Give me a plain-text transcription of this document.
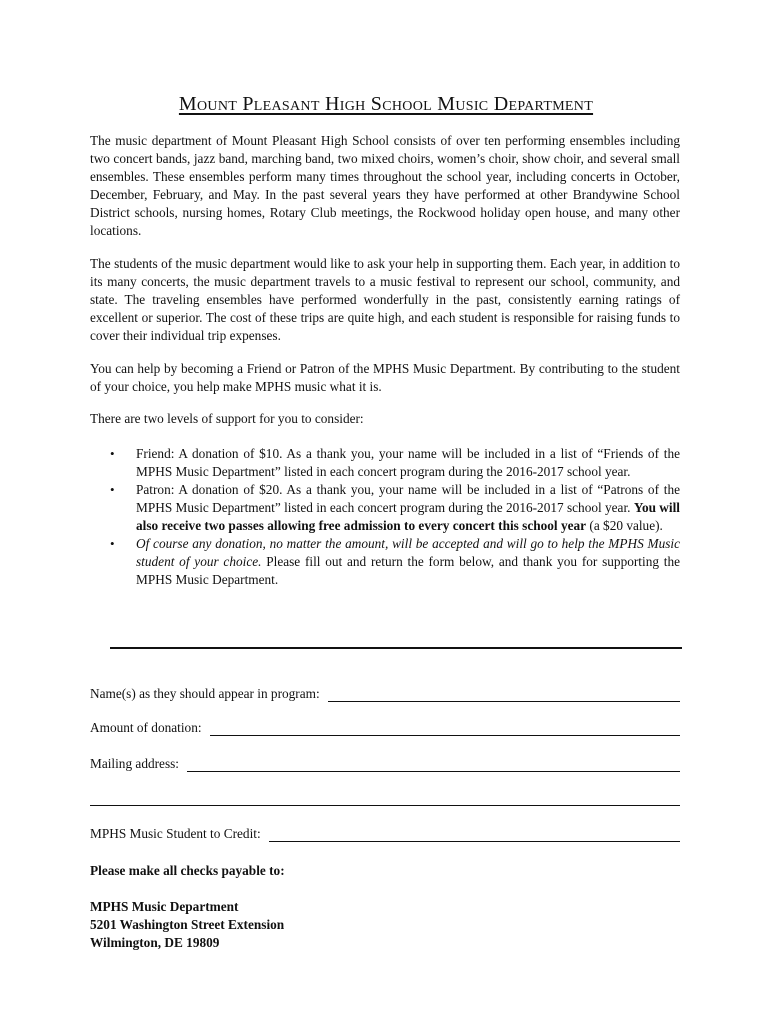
Mount Pleasant High School Music Department

The music department of Mount Pleasant High School consists of over ten performing ensembles including two concert bands, jazz band, marching band, two mixed choirs, women’s choir, show choir, and several small ensembles. These ensembles perform many times throughout the school year, including concerts in October, December, February, and May. In the past several years they have performed at other Brandywine School District schools, nursing homes, Rotary Club meetings, the Rockwood holiday open house, and many other locations.

The students of the music department would like to ask your help in supporting them. Each year, in addition to its many concerts, the music department travels to a music festival to represent our school, community, and state. The traveling ensembles have performed wonderfully in the past, consistently earning ratings of excellent or superior. The cost of these trips are quite high, and each student is responsible for raising funds to cover their individual trip expenses.

You can help by becoming a Friend or Patron of the MPHS Music Department. By contributing to the student of your choice, you help make MPHS music what it is.

There are two levels of support for you to consider:

• Friend: A donation of $10. As a thank you, your name will be included in a list of “Friends of the MPHS Music Department” listed in each concert program during the 2016-2017 school year.
• Patron: A donation of $20. As a thank you, your name will be included in a list of “Patrons of the MPHS Music Department” listed in each concert program during the 2016-2017 school year. You will also receive two passes allowing free admission to every concert this school year (a $20 value).
• Of course any donation, no matter the amount, will be accepted and will go to help the MPHS Music student of your choice. Please fill out and return the form below, and thank you for supporting the MPHS Music Department.
Name(s) as they should appear in program:
Amount of donation:
Mailing address:
MPHS Music Student to Credit:
Please make all checks payable to:
MPHS Music Department
5201 Washington Street Extension
Wilmington, DE 19809
